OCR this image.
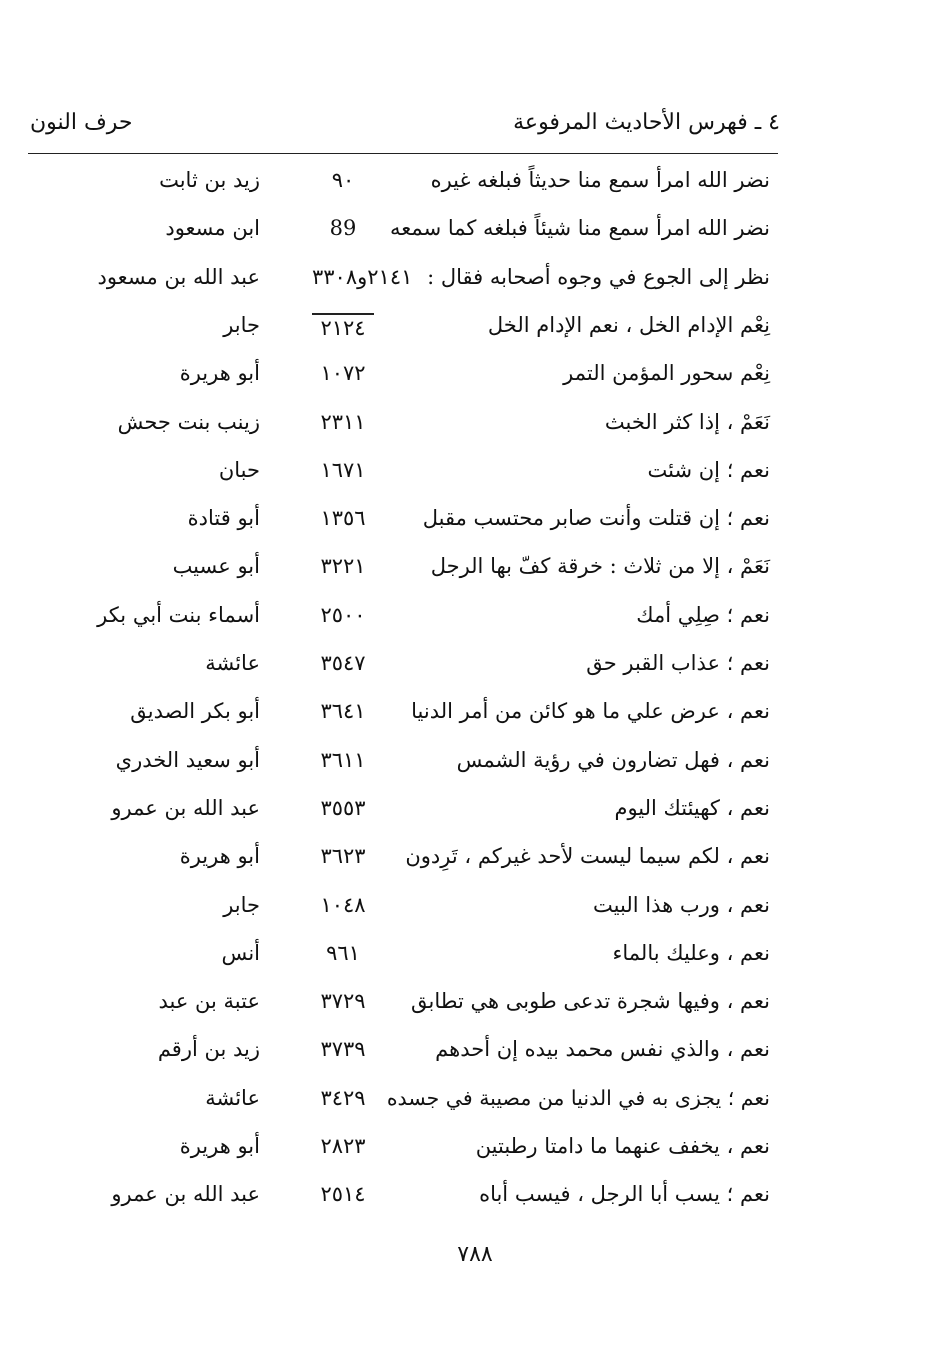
٤ ـ فهرس الأحاديث المرفوعة
حرف النون
نضر الله امرأ سمع منا حديثاً فبلغه غيره
٩٠
زيد بن ثابت
نضر الله امرأ سمع منا شيئاً فبلغه كما سمعه
89
ابن مسعود
نظر إلى الجوع في وجوه أصحابه فقال :
٢١٤١و٣٣٠٨
عبد الله بن مسعود
نِعْم الإدام الخل ، نعم الإدام الخل
٢١٢٤
جابر
نِعْم سحور المؤمن التمر
١٠٧٢
أبو هريرة
نَعَمْ ، إذا كثر الخبث
٢٣١١
زينب بنت جحش
نعم ؛ إن شئت
١٦٧١
حبان
نعم ؛ إن قتلت وأنت صابر محتسب مقبل
١٣٥٦
أبو قتادة
نَعَمْ ، إلا من ثلاث : خرقة كفّ بها الرجل
٣٢٢١
أبو عسيب
نعم ؛ صِلِي أمك
٢٥٠٠
أسماء بنت أبي بكر
نعم ؛ عذاب القبر حق
٣٥٤٧
عائشة
نعم ، عرض علي ما هو كائن من أمر الدنيا
٣٦٤١
أبو بكر الصديق
نعم ، فهل تضارون في رؤية الشمس
٣٦١١
أبو سعيد الخدري
نعم ، كهيئتك اليوم
٣٥٥٣
عبد الله بن عمرو
نعم ، لكم سيما ليست لأحد غيركم ، تَرِدون
٣٦٢٣
أبو هريرة
نعم ، ورب هذا البيت
١٠٤٨
جابر
نعم ، وعليك بالماء
٩٦١
أنس
نعم ، وفيها شجرة تدعى طوبى هي تطابق
٣٧٢٩
عتبة بن عبد
نعم ، والذي نفس محمد بيده إن أحدهم
٣٧٣٩
زيد بن أرقم
نعم ؛ يجزى به في الدنيا من مصيبة في جسده
٣٤٢٩
عائشة
نعم ، يخفف عنهما ما دامتا رطبتين
٢٨٢٣
أبو هريرة
نعم ؛ يسب أبا الرجل ، فيسب أباه
٢٥١٤
عبد الله بن عمرو
٧٨٨
